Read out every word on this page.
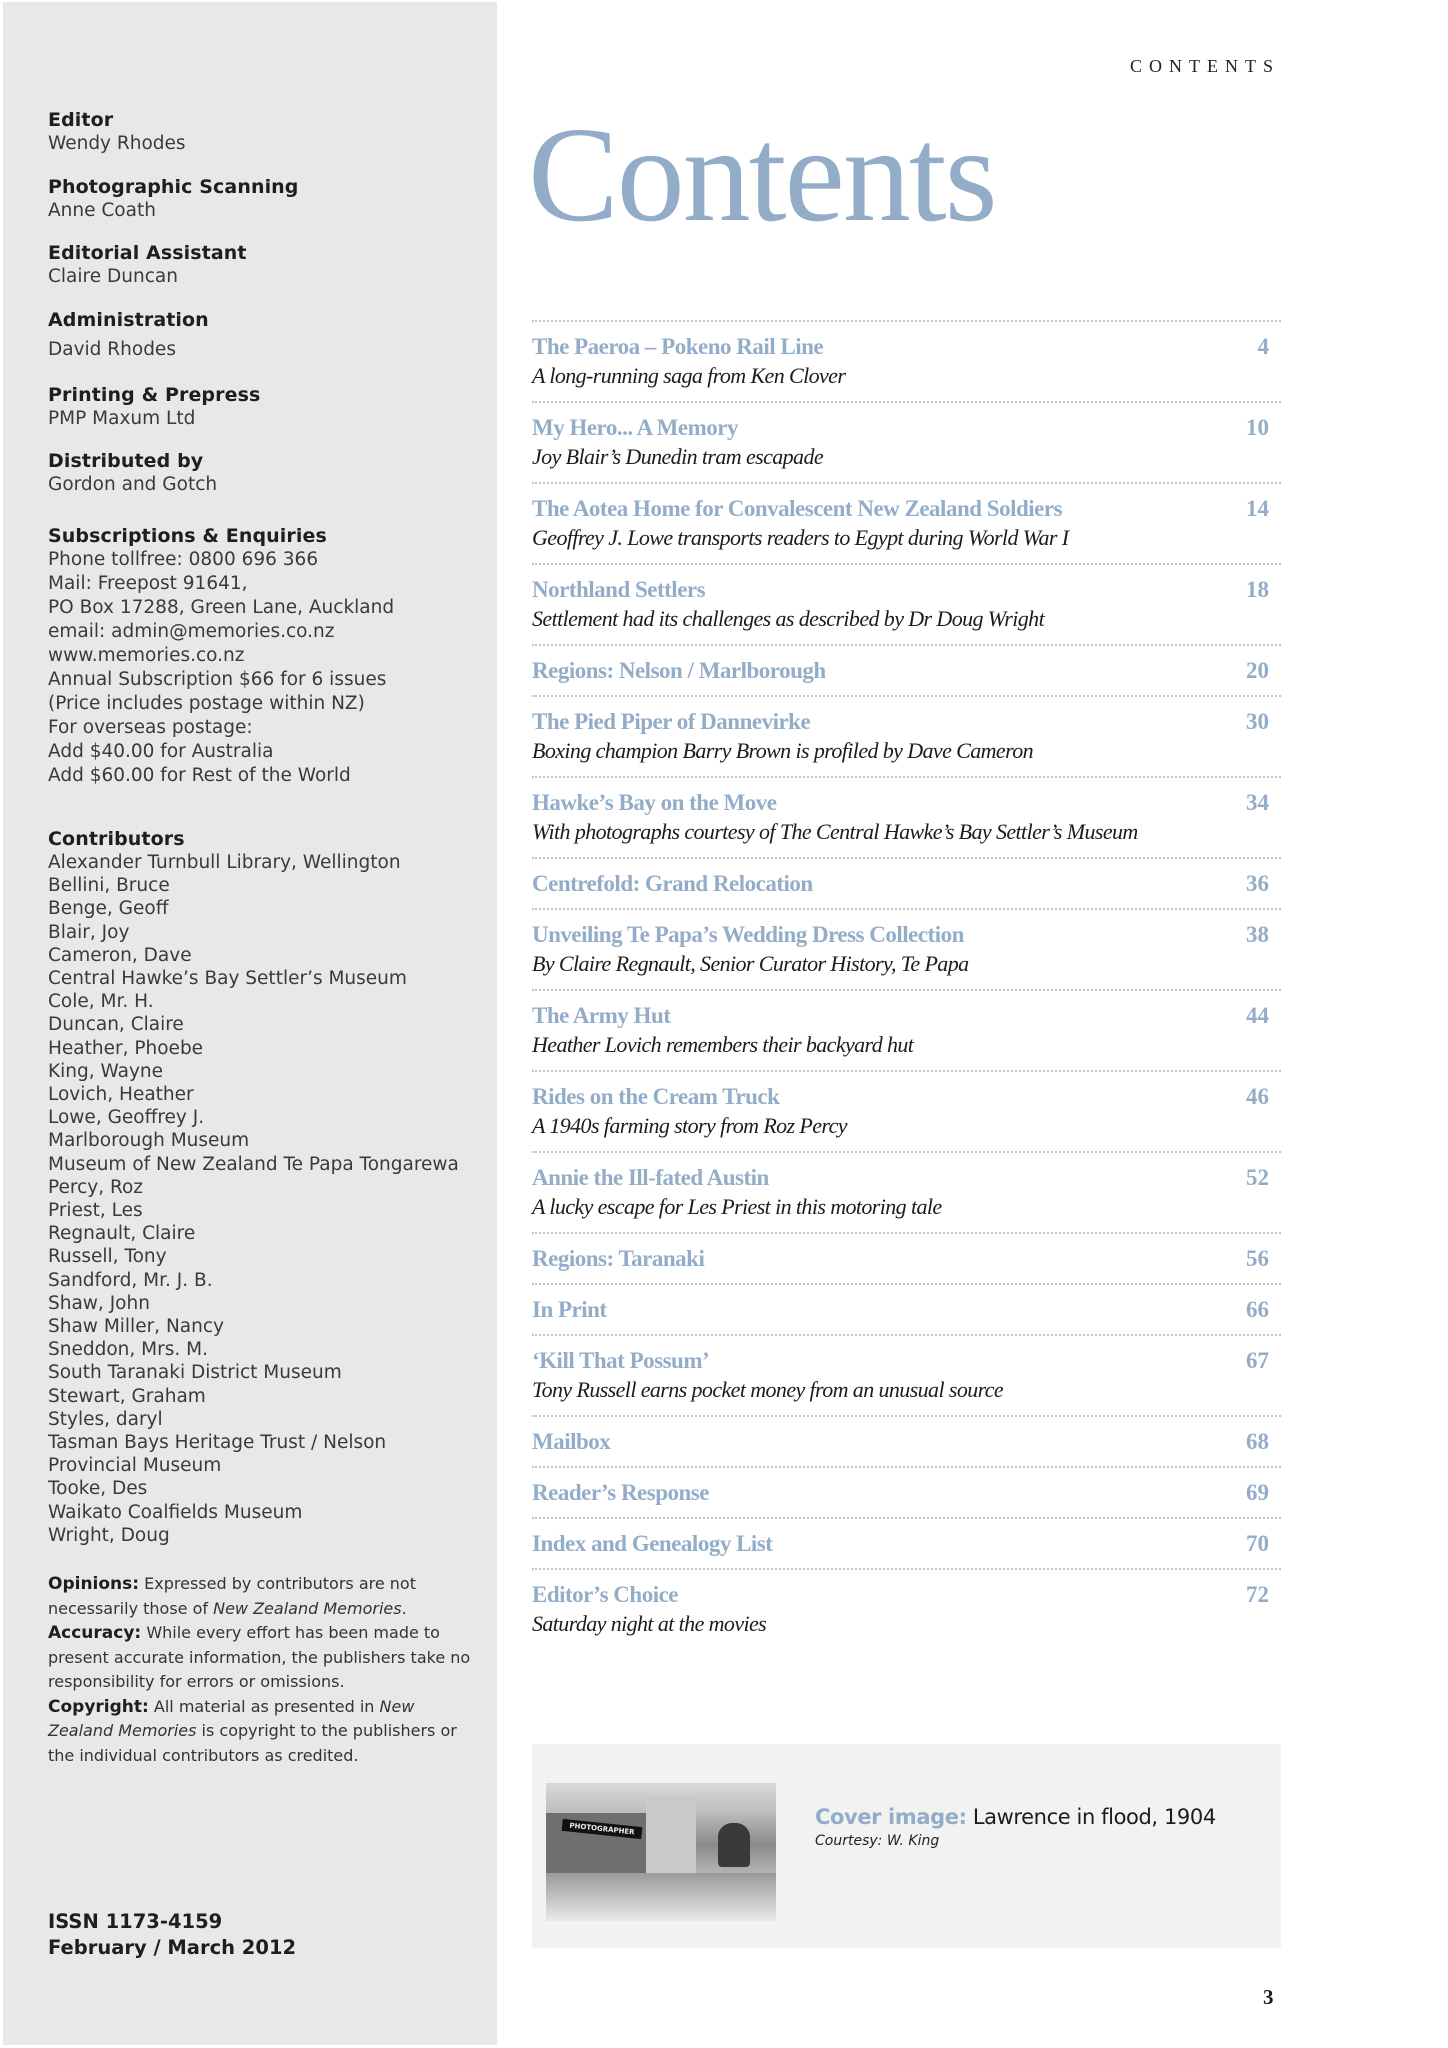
Editor
Wendy Rhodes
Photographic Scanning
Anne Coath
Editorial Assistant
Claire Duncan
Administration
David Rhodes
Printing & Prepress
PMP Maxum Ltd
Distributed by
Gordon and Gotch
Subscriptions & Enquiries
Phone tollfree: 0800 696 366
Mail: Freepost 91641,
PO Box 17288, Green Lane, Auckland
email: admin@memories.co.nz
www.memories.co.nz
Annual Subscription $66 for 6 issues
(Price includes postage within NZ)
For overseas postage:
Add $40.00 for Australia
Add $60.00 for Rest of the World
Contributors
Alexander Turnbull Library, Wellington
Bellini, Bruce
Benge, Geoff
Blair, Joy
Cameron, Dave
Central Hawke’s Bay Settler’s Museum
Cole, Mr. H.
Duncan, Claire
Heather, Phoebe
King, Wayne
Lovich, Heather
Lowe, Geoffrey J.
Marlborough Museum
Museum of New Zealand Te Papa Tongarewa
Percy, Roz
Priest, Les
Regnault, Claire
Russell, Tony
Sandford, Mr. J. B.
Shaw, John
Shaw Miller, Nancy
Sneddon, Mrs. M.
South Taranaki District Museum
Stewart, Graham
Styles, daryl
Tasman Bays Heritage Trust / Nelson
Provincial Museum
Tooke, Des
Waikato Coalfields Museum
Wright, Doug
Opinions: Expressed by contributors are not necessarily those of New Zealand Memories.
Accuracy: While every effort has been made to present accurate information, the publishers take no responsibility for errors or omissions.
Copyright: All material as presented in New Zealand Memories is copyright to the publishers or the individual contributors as credited.
ISSN 1173-4159
February / March 2012
CONTENTS
Contents
The Paeroa – Pokeno Rail Line	4
A long-running saga from Ken Clover
My Hero... A Memory	10
Joy Blair’s Dunedin tram escapade
The Aotea Home for Convalescent New Zealand Soldiers	14
Geoffrey J. Lowe transports readers to Egypt during World War I
Northland Settlers	18
Settlement had its challenges as described by Dr Doug Wright
Regions: Nelson / Marlborough	20
The Pied Piper of Dannevirke	30
Boxing champion Barry Brown is profiled by Dave Cameron
Hawke’s Bay on the Move	34
With photographs courtesy of The Central Hawke’s Bay Settler’s Museum
Centrefold: Grand Relocation	36
Unveiling Te Papa’s Wedding Dress Collection	38
By Claire Regnault, Senior Curator History, Te Papa
The Army Hut	44
Heather Lovich remembers their backyard hut
Rides on the Cream Truck	46
A 1940s farming story from Roz Percy
Annie the Ill-fated Austin	52
A lucky escape for Les Priest in this motoring tale
Regions: Taranaki	56
In Print	66
‘Kill That Possum’	67
Tony Russell earns pocket money from an unusual source
Mailbox	68
Reader’s Response	69
Index and Genealogy List	70
Editor’s Choice	72
Saturday night at the movies
PHOTOGRAPHER	Cover image: Lawrence in flood, 1904
Courtesy: W. King
3
